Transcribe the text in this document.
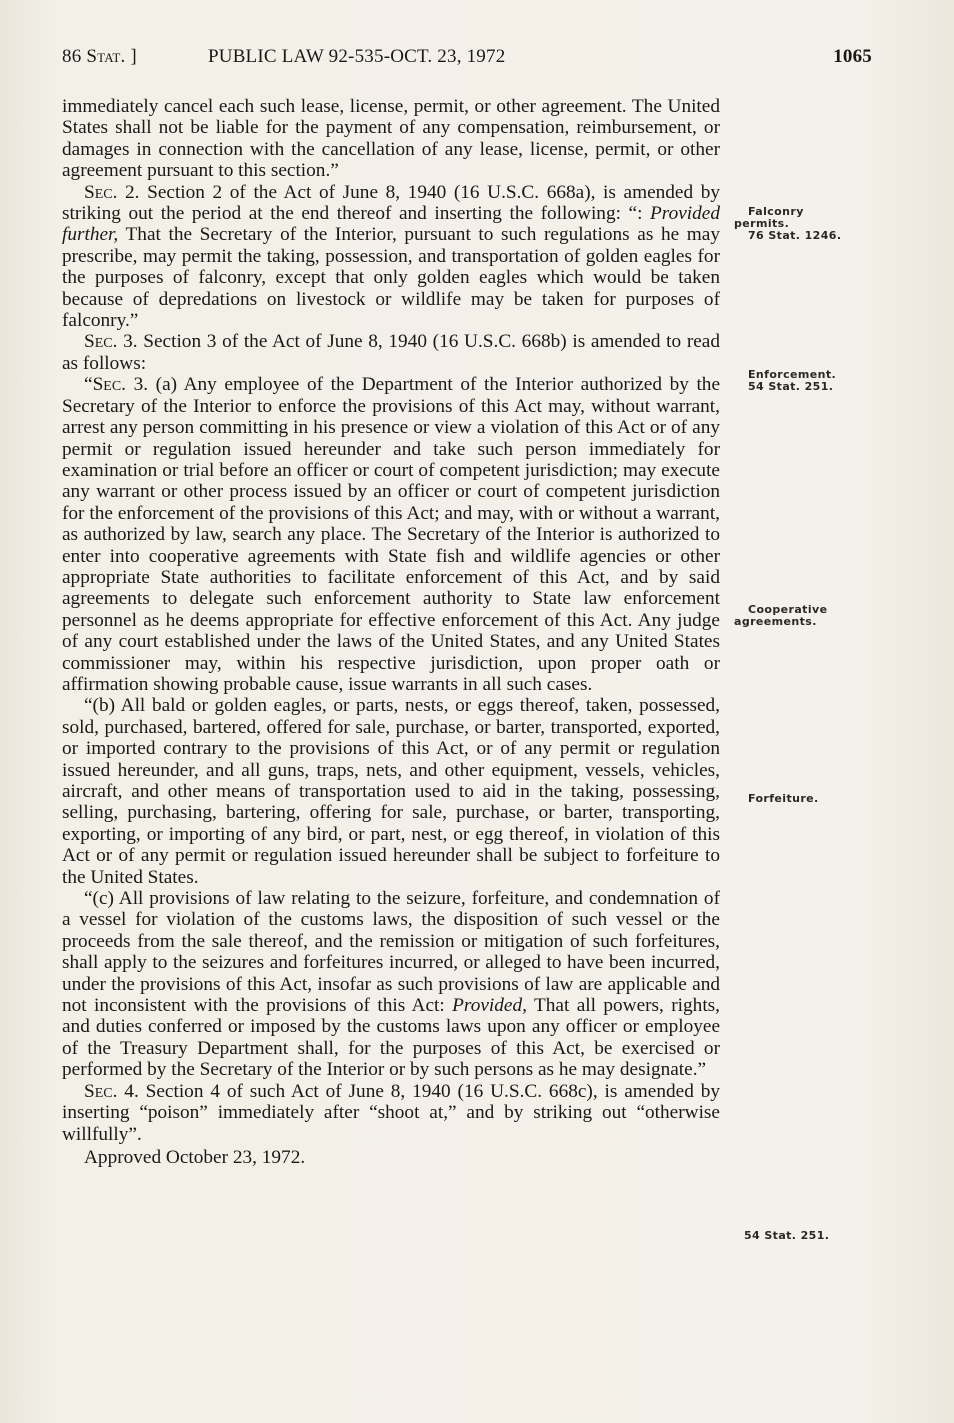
86 Stat. ]	PUBLIC LAW 92-535-OCT. 23, 1972	1065

immediately cancel each such lease, license, permit, or other agreement. The United States shall not be liable for the payment of any compensation, reimbursement, or damages in connection with the cancellation of any lease, license, permit, or other agreement pursuant to this section.”

Sec. 2. Section 2 of the Act of June 8, 1940 (16 U.S.C. 668a), is amended by striking out the period at the end thereof and inserting the following: “: Provided further, That the Secretary of the Interior, pursuant to such regulations as he may prescribe, may permit the taking, possession, and transportation of golden eagles for the purposes of falconry, except that only golden eagles which would be taken because of depredations on livestock or wildlife may be taken for purposes of falconry.”

Sec. 3. Section 3 of the Act of June 8, 1940 (16 U.S.C. 668b) is amended to read as follows:

“Sec. 3. (a) Any employee of the Department of the Interior authorized by the Secretary of the Interior to enforce the provisions of this Act may, without warrant, arrest any person committing in his presence or view a violation of this Act or of any permit or regulation issued hereunder and take such person immediately for examination or trial before an officer or court of competent jurisdiction; may execute any warrant or other process issued by an officer or court of competent jurisdiction for the enforcement of the provisions of this Act; and may, with or without a warrant, as authorized by law, search any place. The Secretary of the Interior is authorized to enter into cooperative agreements with State fish and wildlife agencies or other appropriate State authorities to facilitate enforcement of this Act, and by said agreements to delegate such enforcement authority to State law enforcement personnel as he deems appropriate for effective enforcement of this Act. Any judge of any court established under the laws of the United States, and any United States commissioner may, within his respective jurisdiction, upon proper oath or affirmation showing probable cause, issue warrants in all such cases.

“(b) All bald or golden eagles, or parts, nests, or eggs thereof, taken, possessed, sold, purchased, bartered, offered for sale, purchase, or barter, transported, exported, or imported contrary to the provisions of this Act, or of any permit or regulation issued hereunder, and all guns, traps, nets, and other equipment, vessels, vehicles, aircraft, and other means of transportation used to aid in the taking, possessing, selling, purchasing, bartering, offering for sale, purchase, or barter, transporting, exporting, or importing of any bird, or part, nest, or egg thereof, in violation of this Act or of any permit or regulation issued hereunder shall be subject to forfeiture to the United States.

“(c) All provisions of law relating to the seizure, forfeiture, and condemnation of a vessel for violation of the customs laws, the disposition of such vessel or the proceeds from the sale thereof, and the remission or mitigation of such forfeitures, shall apply to the seizures and forfeitures incurred, or alleged to have been incurred, under the provisions of this Act, insofar as such provisions of law are applicable and not inconsistent with the provisions of this Act: Provided, That all powers, rights, and duties conferred or imposed by the customs laws upon any officer or employee of the Treasury Department shall, for the purposes of this Act, be exercised or performed by the Secretary of the Interior or by such persons as he may designate.”

Sec. 4. Section 4 of such Act of June 8, 1940 (16 U.S.C. 668c), is amended by inserting “poison” immediately after “shoot at,” and by striking out “otherwise willfully”.

Approved October 23, 1972.

Falconry
permits.
76 Stat. 1246.
Enforcement.
54 Stat. 251.
Cooperative
agreements.
Forfeiture.
54 Stat. 251.
